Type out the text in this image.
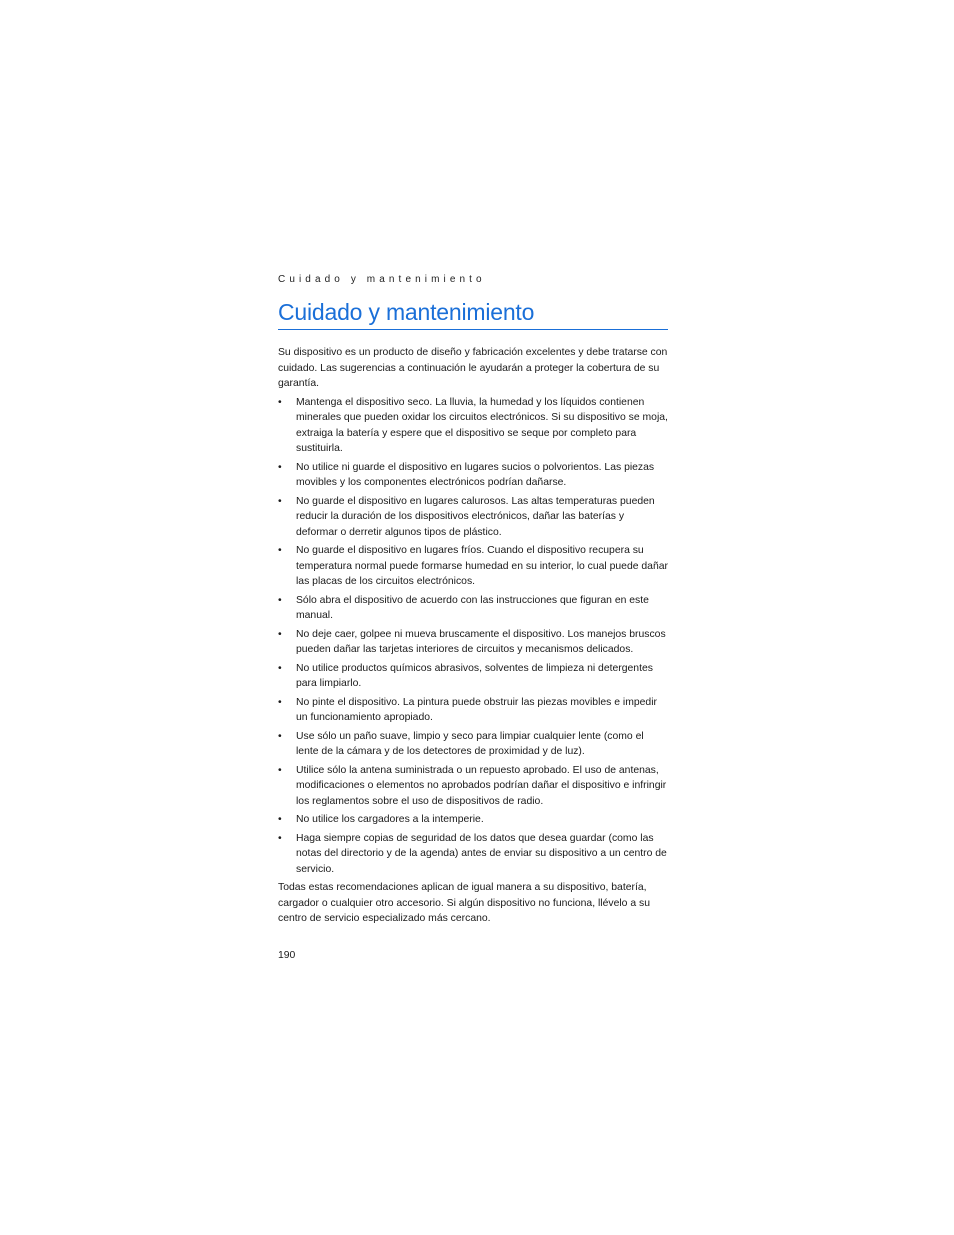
Cuidado y mantenimiento

Cuidado y mantenimiento

Su dispositivo es un producto de diseño y fabricación excelentes y debe tratarse con cuidado. Las sugerencias a continuación le ayudarán a proteger la cobertura de su garantía.

•	Mantenga el dispositivo seco. La lluvia, la humedad y los líquidos contienen minerales que pueden oxidar los circuitos electrónicos. Si su dispositivo se moja, extraiga la batería y espere que el dispositivo se seque por completo para sustituirla.
•	No utilice ni guarde el dispositivo en lugares sucios o polvorientos. Las piezas movibles y los componentes electrónicos podrían dañarse.
•	No guarde el dispositivo en lugares calurosos. Las altas temperaturas pueden reducir la duración de los dispositivos electrónicos, dañar las baterías y deformar o derretir algunos tipos de plástico.
•	No guarde el dispositivo en lugares fríos. Cuando el dispositivo recupera su temperatura normal puede formarse humedad en su interior, lo cual puede dañar las placas de los circuitos electrónicos.
•	Sólo abra el dispositivo de acuerdo con las instrucciones que figuran en este manual.
•	No deje caer, golpee ni mueva bruscamente el dispositivo. Los manejos bruscos pueden dañar las tarjetas interiores de circuitos y mecanismos delicados.
•	No utilice productos químicos abrasivos, solventes de limpieza ni detergentes para limpiarlo.
•	No pinte el dispositivo. La pintura puede obstruir las piezas movibles e impedir un funcionamiento apropiado.
•	Use sólo un paño suave, limpio y seco para limpiar cualquier lente (como el lente de la cámara y de los detectores de proximidad y de luz).
•	Utilice sólo la antena suministrada o un repuesto aprobado. El uso de antenas, modificaciones o elementos no aprobados podrían dañar el dispositivo e infringir los reglamentos sobre el uso de dispositivos de radio.
•	No utilice los cargadores a la intemperie.
•	Haga siempre copias de seguridad de los datos que desea guardar (como las notas del directorio y de la agenda) antes de enviar su dispositivo a un centro de servicio.

Todas estas recomendaciones aplican de igual manera a su dispositivo, batería, cargador o cualquier otro accesorio. Si algún dispositivo no funciona, llévelo a su centro de servicio especializado más cercano.

190
